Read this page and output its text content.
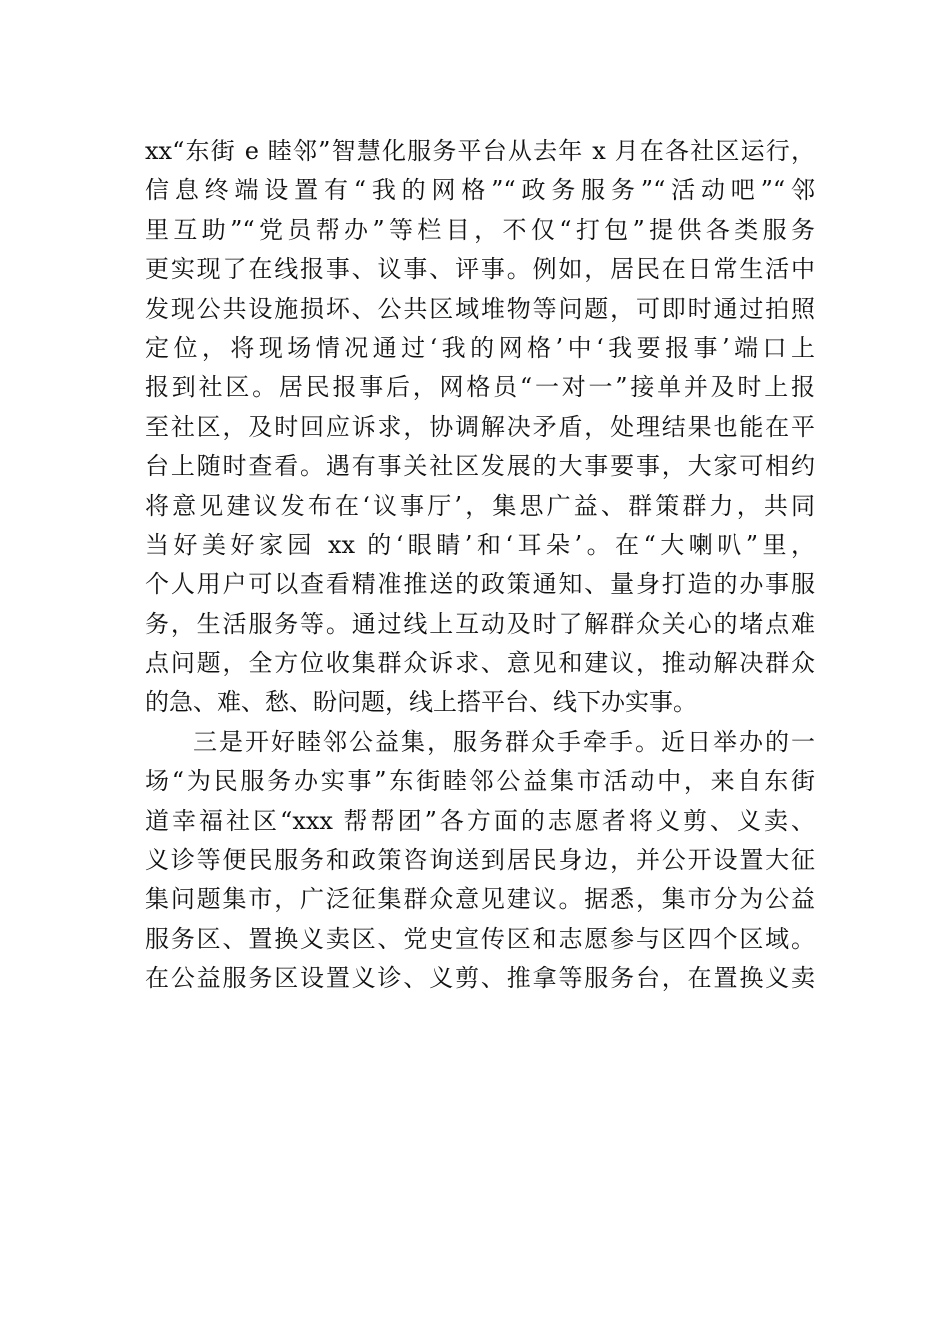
xx“东街 e 睦邻”智慧化服务平台从去年 x 月在各社区运行，
信息终端设置有“我的网格”“政务服务”“活动吧”“邻
里互助”“党员帮办”等栏目，不仅“打包”提供各类服务
更实现了在线报事、议事、评事。例如，居民在日常生活中
发现公共设施损坏、公共区域堆物等问题，可即时通过拍照
定位，将现场情况通过‘我的网格’中‘我要报事’端口上
报到社区。居民报事后，网格员“一对一”接单并及时上报
至社区，及时回应诉求，协调解决矛盾，处理结果也能在平
台上随时查看。遇有事关社区发展的大事要事，大家可相约
将意见建议发布在‘议事厅’，集思广益、群策群力，共同
当好美好家园 xx 的‘眼睛’和‘耳朵’。在“大喇叭”里，
个人用户可以查看精准推送的政策通知、量身打造的办事服
务，生活服务等。通过线上互动及时了解群众关心的堵点难
点问题，全方位收集群众诉求、意见和建议，推动解决群众
的急、难、愁、盼问题，线上搭平台、线下办实事。
三是开好睦邻公益集，服务群众手牵手。近日举办的一
场“为民服务办实事”东街睦邻公益集市活动中，来自东街
道幸福社区“xxx 帮帮团”各方面的志愿者将义剪、义卖、
义诊等便民服务和政策咨询送到居民身边，并公开设置大征
集问题集市，广泛征集群众意见建议。据悉，集市分为公益
服务区、置换义卖区、党史宣传区和志愿参与区四个区域。
在公益服务区设置义诊、义剪、推拿等服务台，在置换义卖
